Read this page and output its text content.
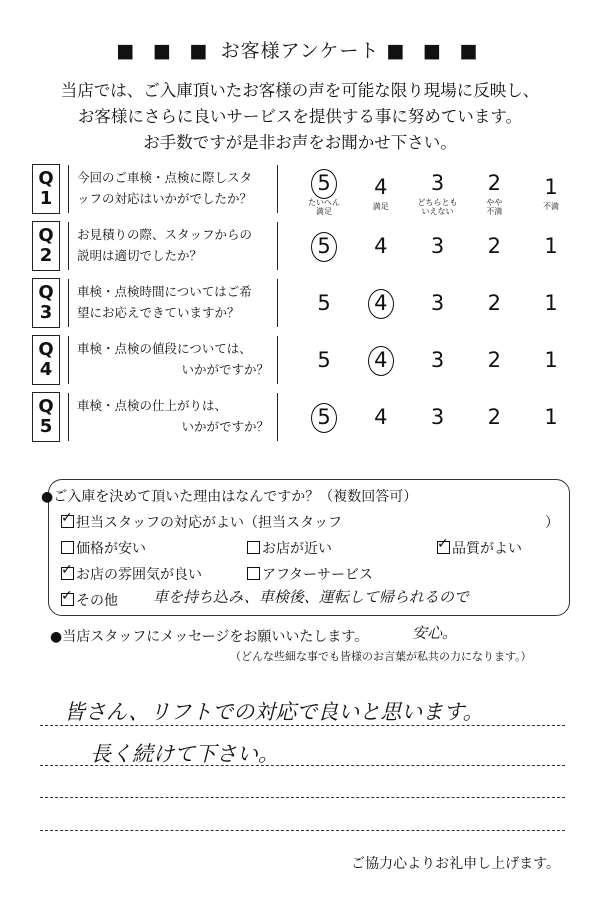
■ ■ ■ お客様アンケート ■ ■ ■
当店では、ご入庫頂いたお客様の声を可能な限り現場に反映し、
お客様にさらに良いサービスを提供する事に努めています。
お手数ですが是非お声をお聞かせ下さい。
Q
1
今回のご車検・点検に際しスタ
ッフの対応はいかがでしたか？
5
たいへん
満足
4
満足
3
どちらとも
いえない
2
やや
不満
1
不満
Q
2
お見積りの際、スタッフからの
説明は適切でしたか？	5	4	3	2	1
Q
3
車検・点検時間についてはご希
望にお応えできていますか？	5	4	3	2	1
Q
4
車検・点検の値段については、
いかがですか？	5	4	3	2	1
Q
5
車検・点検の仕上がりは、
いかがですか？	5	4	3	2	1
●ご入庫を決めて頂いた理由はなんですか？（複数回答可）
✓担当スタッフの対応がよい（担当スタッフ	）
価格が安い	お店が近い
✓	品質がよい
✓お店の雰囲気が良い	アフターサービス
✓その他 車を持ち込み、車検後、運転して帰られるので
安心。
●当店スタッフにメッセージをお願いいたします。
（どんな些細な事でも皆様のお言葉が私共の力になります。）
皆さん、リフトでの対応で良いと思います。
長く続けて下さい。
ご協力心よりお礼申し上げます。
